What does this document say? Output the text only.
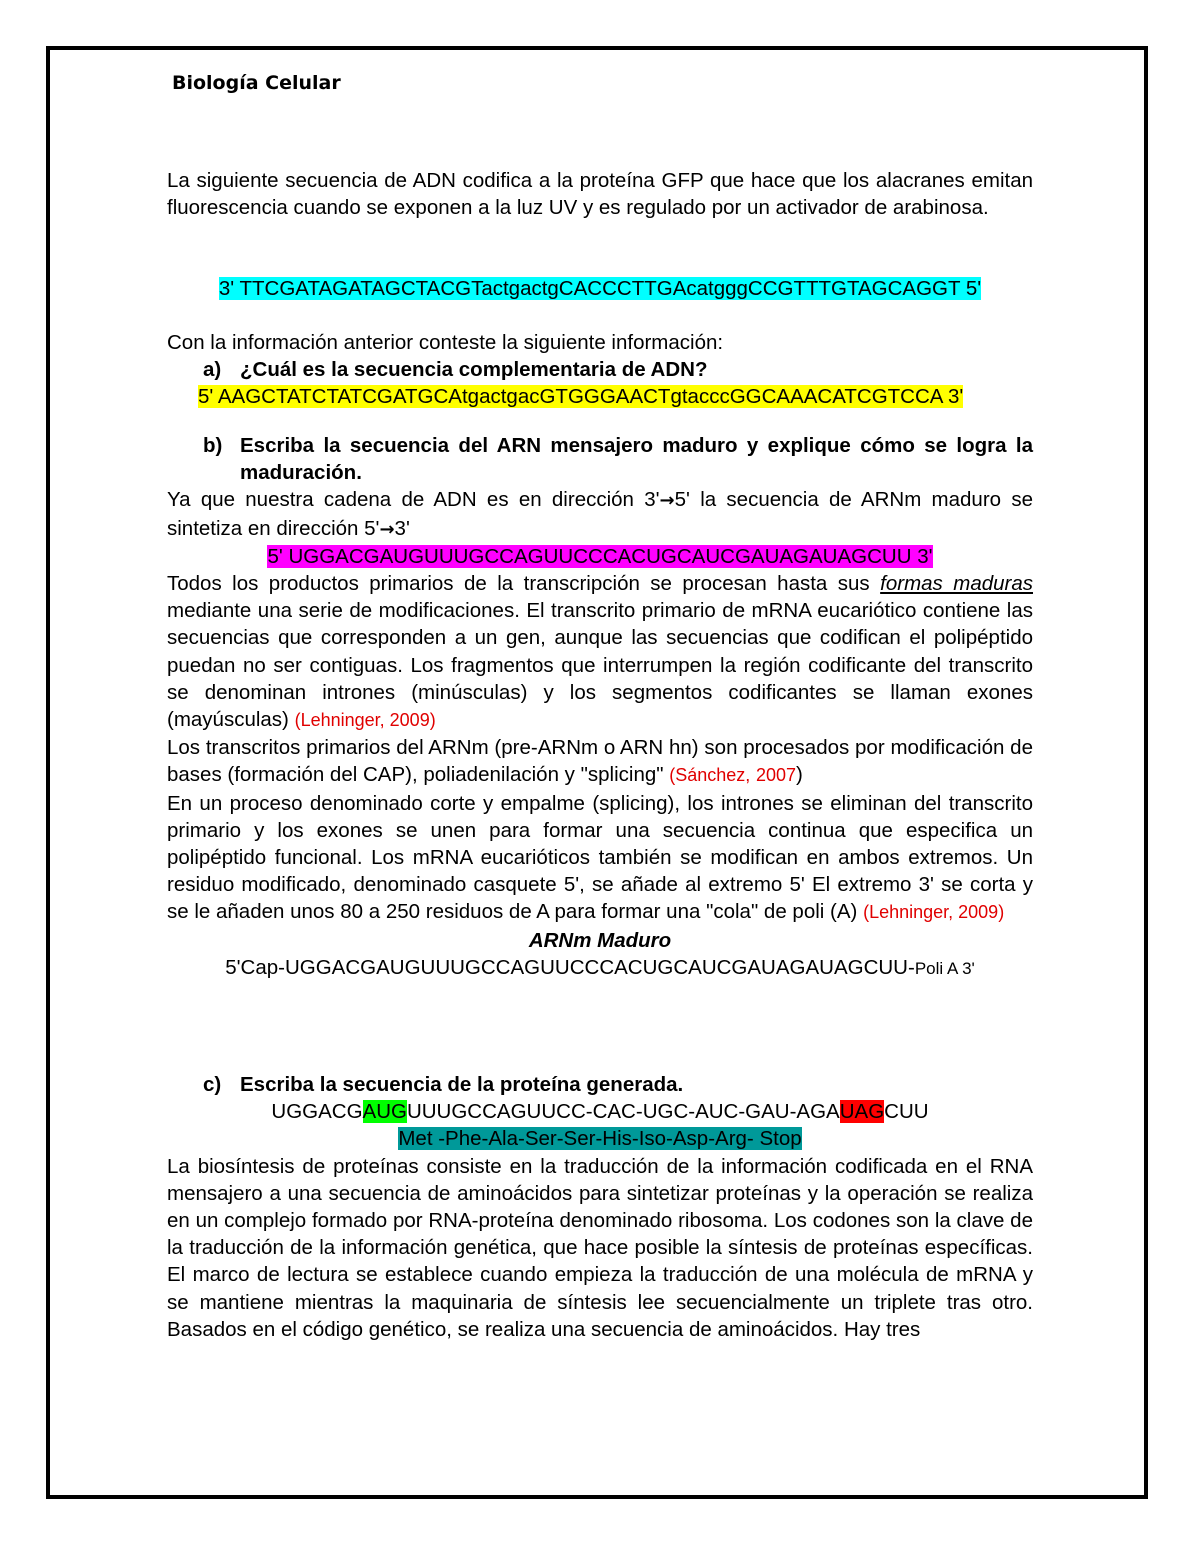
Biología Celular

La siguiente secuencia de ADN codifica a la proteína GFP que hace que los alacranes emitan fluorescencia cuando se exponen a la luz UV y es regulado por un activador de arabinosa.

3' TTCGATAGATAGCTACGTactgactgCACCCTTGAcatgggCCGTTTGTAGCAGGT 5'

Con la información anterior conteste la siguiente información:

a) ¿Cuál es la secuencia complementaria de ADN?

5' AAGCTATCTATCGATGCAtgactgacGTGGGAACTgtacccGGCAAACATCGTCCA 3'

b) Escriba la secuencia del ARN mensajero maduro y explique cómo se logra la maduración.

Ya que nuestra cadena de ADN es en dirección 3'→5' la secuencia de ARNm maduro se sintetiza en dirección 5'→3'

5' UGGACGAUGUUUGCCAGUUCCCACUGCAUCGAUAGAUAGCUU 3'

Todos los productos primarios de la transcripción se procesan hasta sus formas maduras mediante una serie de modificaciones. El transcrito primario de mRNA eucariótico contiene las secuencias que corresponden a un gen, aunque las secuencias que codifican el polipéptido puedan no ser contiguas. Los fragmentos que interrumpen la región codificante del transcrito se denominan intrones (minúsculas) y los segmentos codificantes se llaman exones (mayúsculas) (Lehninger, 2009)

Los transcritos primarios del ARNm (pre-ARNm o ARN hn) son procesados por modificación de bases (formación del CAP), poliadenilación y "splicing" (Sánchez, 2007)

En un proceso denominado corte y empalme (splicing), los intrones se eliminan del transcrito primario y los exones se unen para formar una secuencia continua que especifica un polipéptido funcional. Los mRNA eucarióticos también se modifican en ambos extremos. Un residuo modificado, denominado casquete 5', se añade al extremo 5' El extremo 3' se corta y se le añaden unos 80 a 250 residuos de A para formar una "cola" de poli (A) (Lehninger, 2009)

ARNm Maduro

5'Cap-UGGACGAUGUUUGCCAGUUCCCACUGCAUCGAUAGAUAGCUU-Poli A 3'

c) Escriba la secuencia de la proteína generada.

UGGACGAUGUUUGCCAGUUCC-CAC-UGC-AUC-GAU-AGAUAGCUU

Met -Phe-Ala-Ser-Ser-His-Iso-Asp-Arg- Stop

La biosíntesis de proteínas consiste en la traducción de la información codificada en el RNA mensajero a una secuencia de aminoácidos para sintetizar proteínas y la operación se realiza en un complejo formado por RNA-proteína denominado ribosoma. Los codones son la clave de la traducción de la información genética, que hace posible la síntesis de proteínas específicas. El marco de lectura se establece cuando empieza la traducción de una molécula de mRNA y se mantiene mientras la maquinaria de síntesis lee secuencialmente un triplete tras otro. Basados en el código genético, se realiza una secuencia de aminoácidos. Hay tres
